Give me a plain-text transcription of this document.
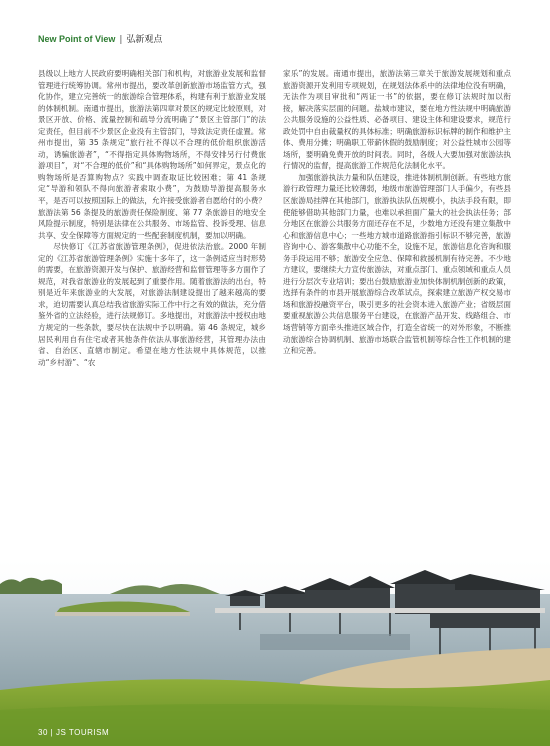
New Point of View | 弘新观点

县级以上地方人民政府要明确相关部门和机构，对旅游业发展和监督管理进行统筹协调。常州市提出，要改革创新旅游市场监管方式，强化协作，建立完善统一的旅游综合管理体系，构建有利于旅游业发展的体制机制。南通市提出，旅游法第四章对景区的规定比较原则，对景区开放、价格、流量控制和疏导分流明确了“景区主管部门”的法定责任，但目前不少景区企业没有主管部门，导致法定责任虚置。常州市提出，第 35 条规定“旅行社不得以不合理的低价组织旅游活动，诱骗旅游者”，“不得指定具体购物场所，不得安排另行付费旅游项目”，对“不合理的低价”和“具体购物场所”如何界定，景点化的购物场所是否算购物点？实践中调查取证比较困难；第 41 条规定“导游和领队不得向旅游者索取小费”，为鼓励导游提高服务水平，是否可以按照国际上的做法，允许接受旅游者自愿给付的小费？旅游法第 56 条提及的旅游责任保险制度、第 77 条旅游目的地安全风险提示制度，特别是法律在公共服务、市场监管、投诉受理、信息共享、安全保障等方面规定的一些配套制度机制，要加以明确。

尽快修订《江苏省旅游管理条例》，促进依法治旅。2000 年制定的《江苏省旅游管理条例》实施十多年了，这一条例适应当时形势的需要，在旅游资源开发与保护、旅游经营和监督管理等多方面作了规范，对我省旅游业的发展起到了重要作用。随着旅游法的出台，特别是近年来旅游业的大发展，对旅游法制建设提出了越来越高的要求，迫切需要认真总结我省旅游实际工作中行之有效的做法，充分借鉴外省的立法经验，进行法规修订。多地提出，对旅游法中授权由地方规定的一些条款，要尽快在法规中予以明确。第 46 条规定，城乡居民利用自有住宅或者其他条件依法从事旅游经营，其管理办法由省、自治区、直辖市制定。希望在地方性法规中具体规范，以推动“乡村游”、“农

家乐”的发展。南通市提出，旅游法第三章关于旅游发展规划和重点旅游资源开发利用专项规划，在规划法体系中的法律地位没有明确，无法作为项目审批和“两证一书”的依据，要在修订法规时加以衔接，解决落实层面的问题。盐城市建议，要在地方性法规中明确旅游公共服务设施的公益性质、必备项目、建设主体和建设要求，规范行政处罚中自由裁量权的具体标准；明确旅游标识标牌的制作和维护主体、费用分摊；明确职工带薪休假的鼓励制度；对公益性城市公园等场所，要明确免费开放的时间表。同时，各级人大要加强对旅游法执行情况的监督，提高旅游工作规范化法制化水平。

加强旅游执法力量和队伍建设，推进体制机制创新。有些地方旅游行政管理力量还比较薄弱，地级市旅游管理部门人手偏少，有些县区旅游局挂牌在其他部门，旅游执法队伍规模小，执法手段有限，即使能够借助其他部门力量，也难以承担面广量大的社会执法任务；部分地区在旅游公共服务方面还存在不足，少数地方还没有建立集散中心和旅游信息中心；一些地方城市道路旅游指引标识不够完善，旅游咨询中心、游客集散中心功能不全，设施不足，旅游信息化咨询和服务手段运用不够；旅游安全应急、保障和救援机制有待完善。不少地方建议，要继续大力宣传旅游法，对重点部门、重点领域和重点人员进行分层次专业培训；要出台鼓励旅游业加快体制机制创新的政策，选择有条件的市县开展旅游综合改革试点，探索建立旅游产权交易市场和旅游投融资平台，吸引更多的社会资本进入旅游产业；省级层面要重视旅游公共信息服务平台建设，在旅游产品开发、线路组合、市场营销等方面牵头推进区域合作，打造全省统一的对外形象，不断推动旅游综合协调机制、旅游市场联合监管机制等综合性工作机制的建立和完善。

30 | JS TOURISM
